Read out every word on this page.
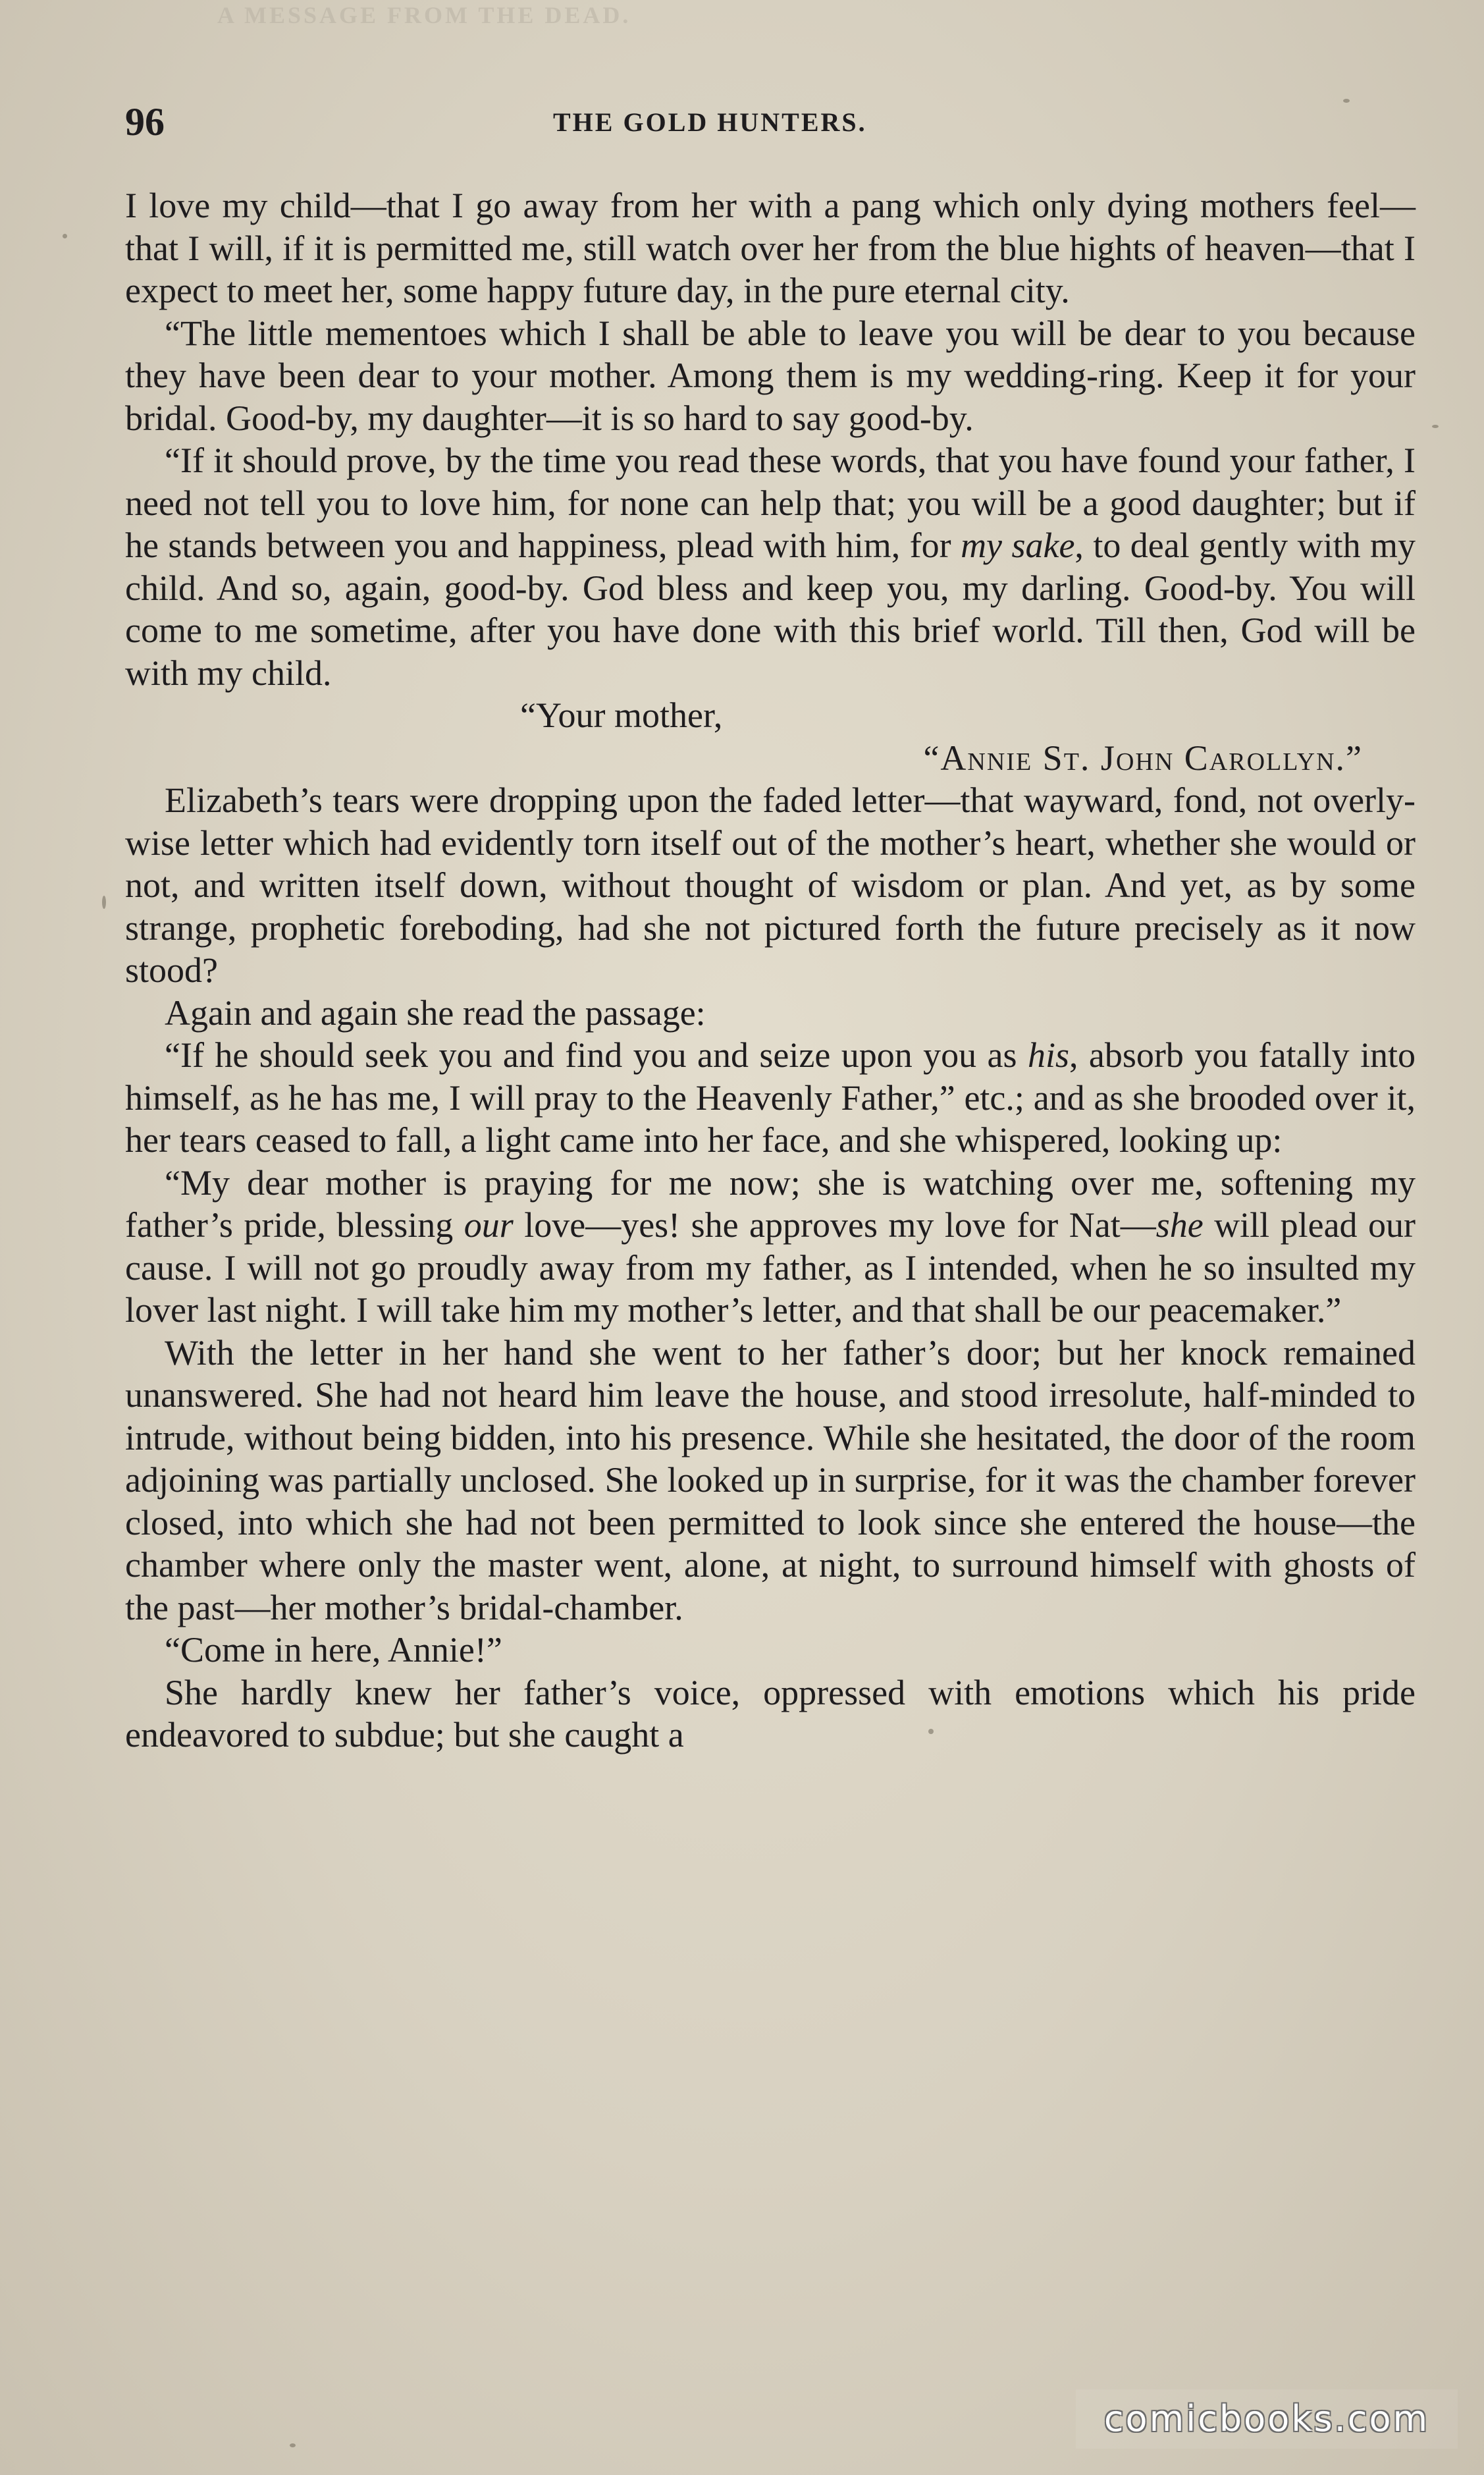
A MESSAGE FROM THE DEAD.
96	THE GOLD HUNTERS.

I love my child—that I go away from her with a pang which only dying mothers feel—that I will, if it is permitted me, still watch over her from the blue hights of heaven—that I expect to meet her, some happy future day, in the pure eternal city.

“The little mementoes which I shall be able to leave you will be dear to you because they have been dear to your mother. Among them is my wedding-ring. Keep it for your bridal. Good-by, my daughter—it is so hard to say good-by.

“If it should prove, by the time you read these words, that you have found your father, I need not tell you to love him, for none can help that; you will be a good daughter; but if he stands between you and happiness, plead with him, for my sake, to deal gently with my child. And so, again, good-by. God bless and keep you, my darling. Good-by. You will come to me sometime, after you have done with this brief world. Till then, God will be with my child.

“Your mother,

“Annie St. John Carollyn.”

Elizabeth’s tears were dropping upon the faded letter—that wayward, fond, not overly-wise letter which had evidently torn itself out of the mother’s heart, whether she would or not, and written itself down, without thought of wisdom or plan. And yet, as by some strange, prophetic foreboding, had she not pictured forth the future precisely as it now stood?

Again and again she read the passage:

“If he should seek you and find you and seize upon you as his, absorb you fatally into himself, as he has me, I will pray to the Heavenly Father,” etc.; and as she brooded over it, her tears ceased to fall, a light came into her face, and she whispered, looking up:

“My dear mother is praying for me now; she is watching over me, softening my father’s pride, blessing our love—yes! she approves my love for Nat—she will plead our cause. I will not go proudly away from my father, as I intended, when he so insulted my lover last night. I will take him my mother’s letter, and that shall be our peacemaker.”

With the letter in her hand she went to her father’s door; but her knock remained unanswered. She had not heard him leave the house, and stood irresolute, half-minded to intrude, without being bidden, into his presence. While she hesitated, the door of the room adjoining was partially unclosed. She looked up in surprise, for it was the chamber forever closed, into which she had not been permitted to look since she entered the house—the chamber where only the master went, alone, at night, to surround himself with ghosts of the past—her mother’s bridal-chamber.

“Come in here, Annie!”

She hardly knew her father’s voice, oppressed with emotions which his pride endeavored to subdue; but she caught a

comicbooks.com
